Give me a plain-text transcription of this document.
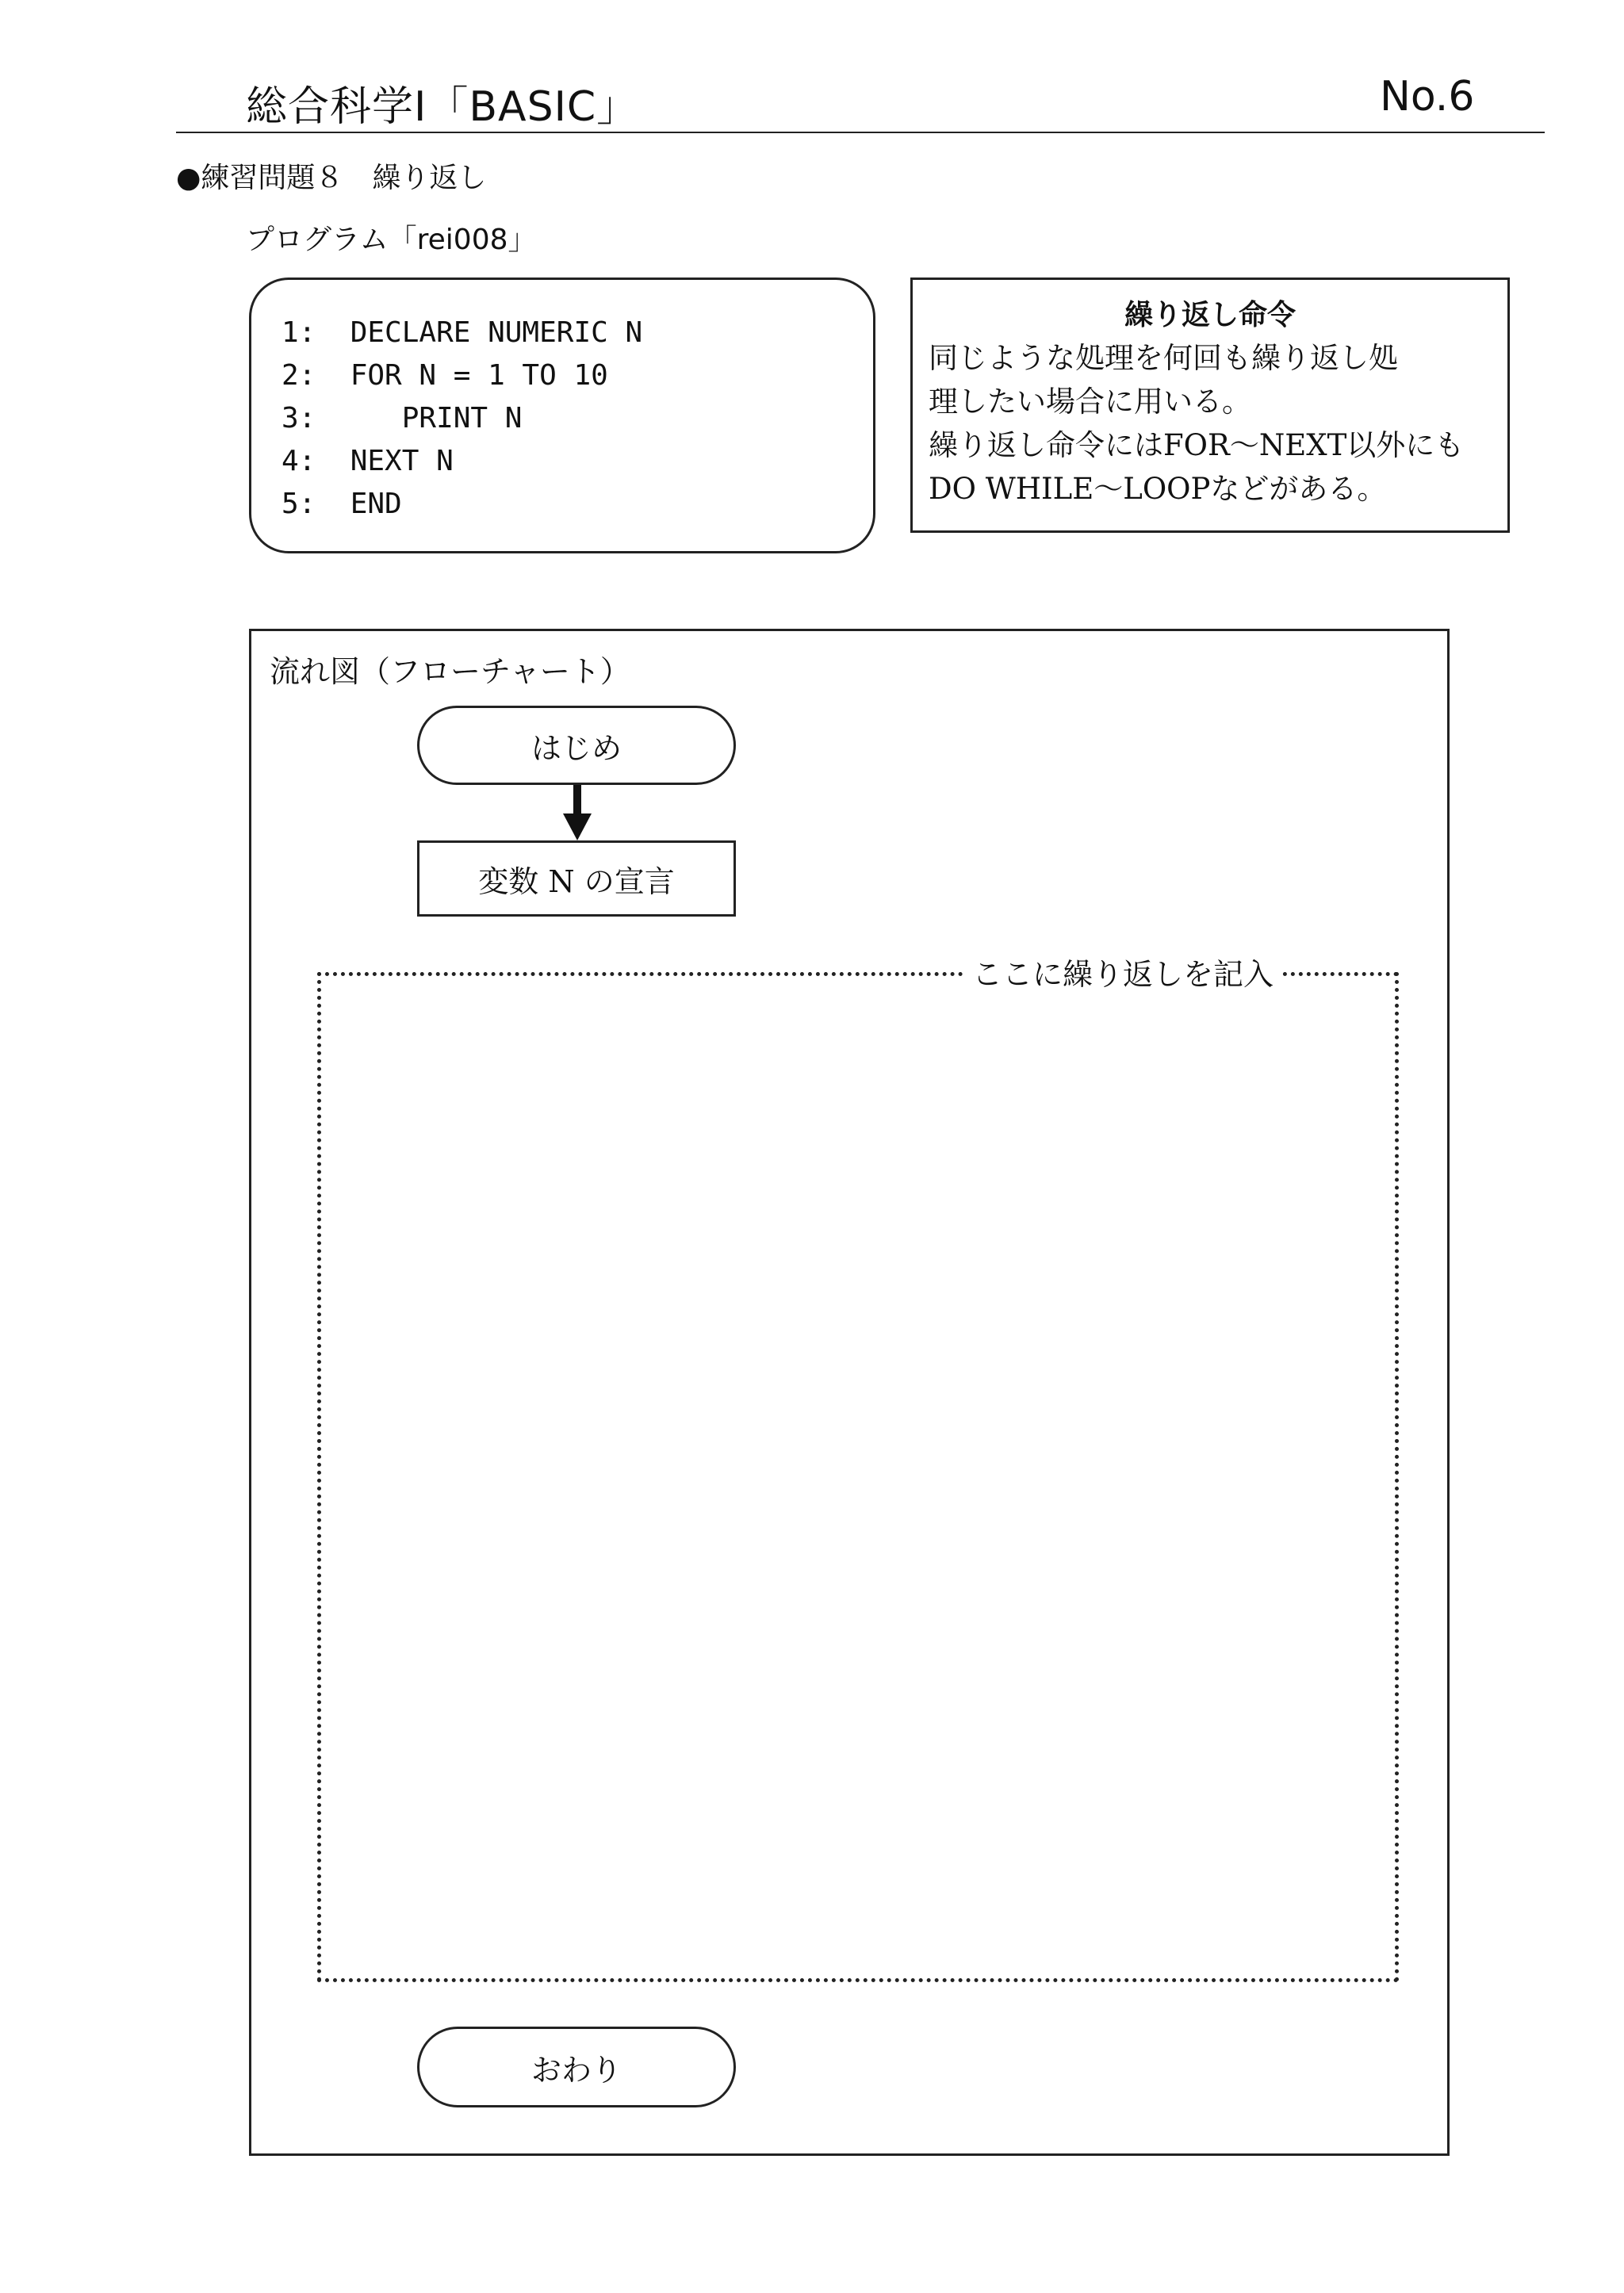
総合科学Ⅰ「BASIC」	No.6
●練習問題８　繰り返し
プログラム「rei008」
1:  DECLARE NUMERIC N
2:  FOR N = 1 TO 10
3:     PRINT N
4:  NEXT N
5:  END
繰り返し命令
同じような処理を何回も繰り返し処
理したい場合に用いる。
繰り返し命令にはFOR～NEXT以外にも
DO WHILE～LOOPなどがある。
流れ図（フローチャート）
はじめ
変数 N の宣言
ここに繰り返しを記入
おわり
